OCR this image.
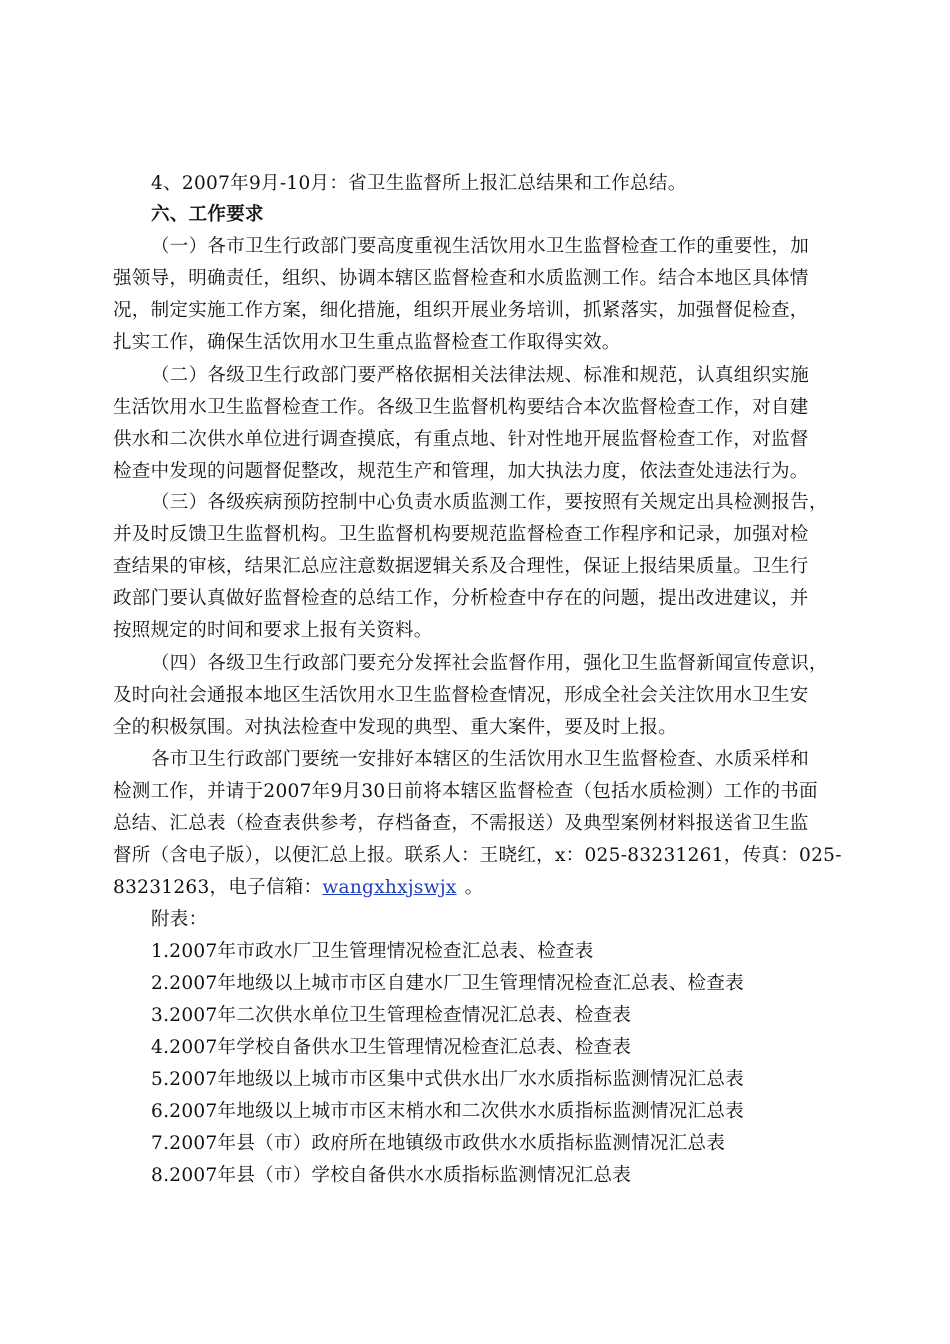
4、2007年9月-10月：省卫生监督所上报汇总结果和工作总结。
六、工作要求
（一）各市卫生行政部门要高度重视生活饮用水卫生监督检查工作的重要性，加
强领导，明确责任，组织、协调本辖区监督检查和水质监测工作。结合本地区具体情
况，制定实施工作方案，细化措施，组织开展业务培训，抓紧落实，加强督促检查，
扎实工作，确保生活饮用水卫生重点监督检查工作取得实效。
（二）各级卫生行政部门要严格依据相关法律法规、标准和规范，认真组织实施
生活饮用水卫生监督检查工作。各级卫生监督机构要结合本次监督检查工作，对自建
供水和二次供水单位进行调查摸底，有重点地、针对性地开展监督检查工作，对监督
检查中发现的问题督促整改，规范生产和管理，加大执法力度，依法查处违法行为。
（三）各级疾病预防控制中心负责水质监测工作，要按照有关规定出具检测报告，
并及时反馈卫生监督机构。卫生监督机构要规范监督检查工作程序和记录，加强对检
查结果的审核，结果汇总应注意数据逻辑关系及合理性，保证上报结果质量。卫生行
政部门要认真做好监督检查的总结工作，分析检查中存在的问题，提出改进建议，并
按照规定的时间和要求上报有关资料。
（四）各级卫生行政部门要充分发挥社会监督作用，强化卫生监督新闻宣传意识，
及时向社会通报本地区生活饮用水卫生监督检查情况，形成全社会关注饮用水卫生安
全的积极氛围。对执法检查中发现的典型、重大案件，要及时上报。
各市卫生行政部门要统一安排好本辖区的生活饮用水卫生监督检查、水质采样和
检测工作，并请于2007年9月30日前将本辖区监督检查（包括水质检测）工作的书面
总结、汇总表（检查表供参考，存档备查，不需报送）及典型案例材料报送省卫生监
督所（含电子版），以便汇总上报。联系人：王晓红，x：025-83231261，传真：025-
83231263，电子信箱：wangxhxjswjx 。
附表：
1.2007年市政水厂卫生管理情况检查汇总表、检查表
2.2007年地级以上城市市区自建水厂卫生管理情况检查汇总表、检查表
3.2007年二次供水单位卫生管理检查情况汇总表、检查表
4.2007年学校自备供水卫生管理情况检查汇总表、检查表
5.2007年地级以上城市市区集中式供水出厂水水质指标监测情况汇总表
6.2007年地级以上城市市区末梢水和二次供水水质指标监测情况汇总表
7.2007年县（市）政府所在地镇级市政供水水质指标监测情况汇总表
8.2007年县（市）学校自备供水水质指标监测情况汇总表
